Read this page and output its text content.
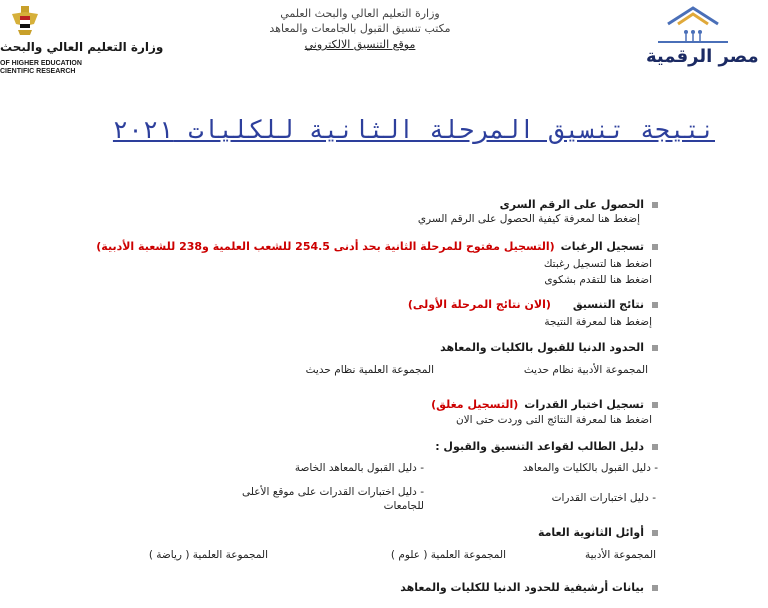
وزارة التعليم العالي والبحث
OF HIGHER EDUCATION
CIENTIFIC RESEARCH
وزارة التعليم العالي والبحث العلمي
مكتب تنسيق القبول بالجامعات والمعاهد
موقع التنسيق الالكتروني
مصر الرقمية
نتيجة تنسيق المرحلة الثانية للكليات ٢٠٢١
الحصول على الرقم السرى
إضغط هنا لمعرفة كيفية الحصول على الرقم السري
تسجيل الرغبات(التسجيل مفتوح للمرحلة الثانية بحد أدنى 254.5 للشعب العلمية و238 للشعبة الأدبية)
اضغط هنا لتسجيل رغبتك
اضغط هنا للتقدم بشكوى
نتائج التنسيق(الان نتائج المرحلة الأولى)
إضغط هنا لمعرفة النتيجة
الحدود الدنيا للقبول بالكليات والمعاهد
المجموعة الأدبية نظام حديث
المجموعة العلمية نظام حديث
تسجيل اختبار القدرات(التسجيل مغلق)
اضغط هنا لمعرفة النتائج التى وردت حتى الان
دليل الطالب لقواعد التنسيق والقبول :
- دليل القبول بالكليات والمعاهد
- دليل القبول بالمعاهد الخاصة
- دليل اختبارات القدرات
- دليل اختبارات القدرات على موقع الأعلى
للجامعات
أوائل الثانوية العامة
المجموعة الأدبية
المجموعة العلمية ( علوم )
المجموعة العلمية ( رياضة )
بيانات أرشيفية للحدود الدنيا للكليات والمعاهد
